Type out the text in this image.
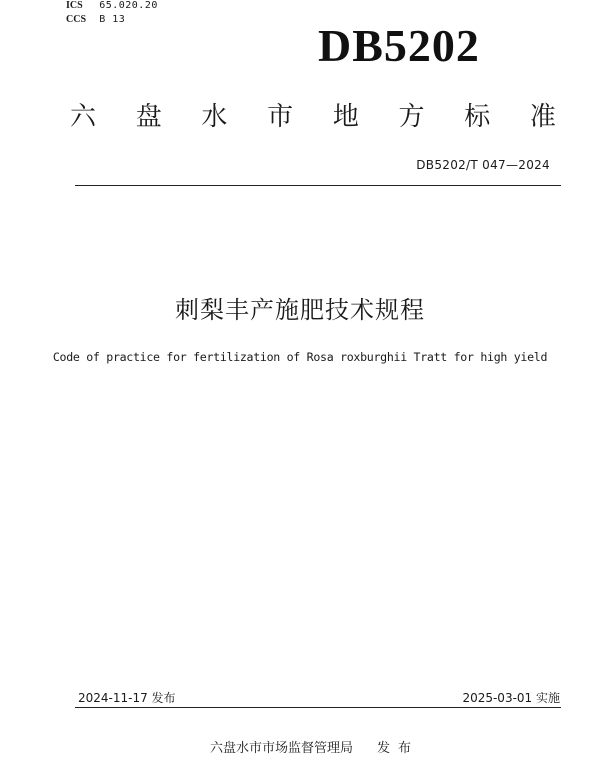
ICS 65.020.20
CCS B 13
DB5202
六 盘 水 市 地 方 标 准
DB5202/T 047—2024
刺梨丰产施肥技术规程
Code of practice for fertilization of Rosa roxburghii Tratt for high yield
2024-11-17 发布	2025-03-01 实施
六盘水市市场监督管理局 发布
